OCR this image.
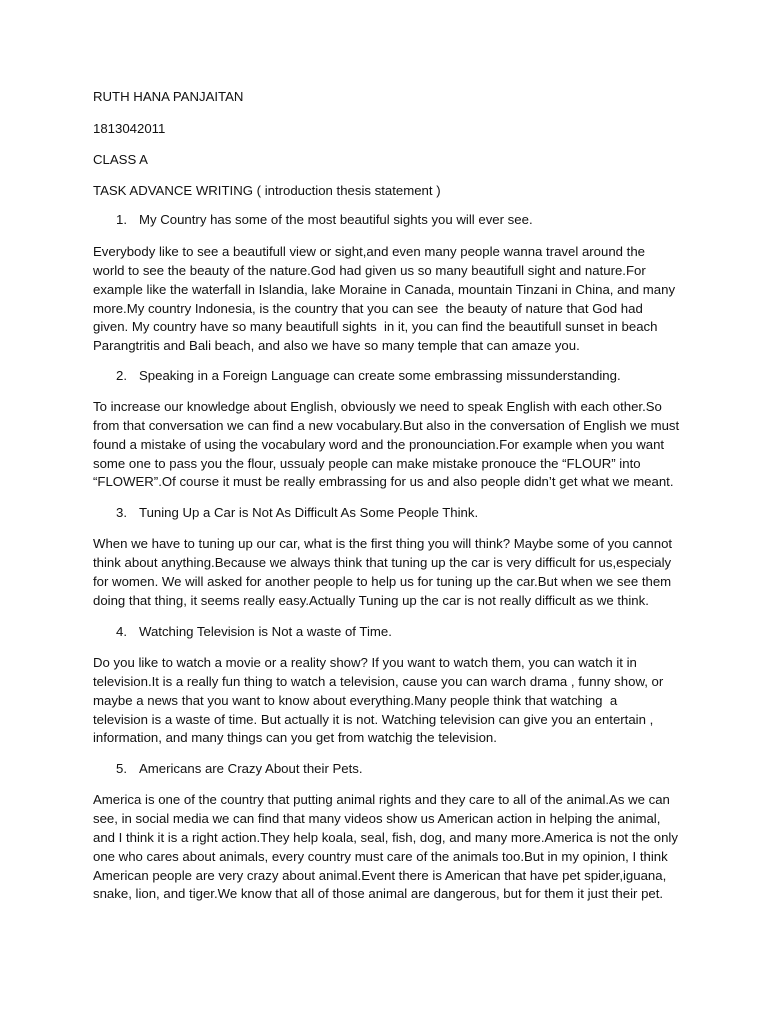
RUTH HANA PANJAITAN

1813042011

CLASS A

TASK ADVANCE WRITING ( introduction thesis statement )

1. My Country has some of the most beautiful sights you will ever see.

Everybody like to see a beautifull view or sight,and even many people wanna travel around the

world to see the beauty of the nature.God had given us so many beautifull sight and nature.For

example like the waterfall in Islandia, lake Moraine in Canada, mountain Tinzani in China, and many

more.My country Indonesia, is the country that you can see  the beauty of nature that God had

given. My country have so many beautifull sights  in it, you can find the beautifull sunset in beach

Parangtritis and Bali beach, and also we have so many temple that can amaze you.

2. Speaking in a Foreign Language can create some embrassing missunderstanding.

To increase our knowledge about English, obviously we need to speak English with each other.So

from that conversation we can find a new vocabulary.But also in the conversation of English we must

found a mistake of using the vocabulary word and the pronounciation.For example when you want

some one to pass you the flour, ussualy people can make mistake pronouce the “FLOUR” into

“FLOWER”.Of course it must be really embrassing for us and also people didn’t get what we meant.

3. Tuning Up a Car is Not As Difficult As Some People Think.

When we have to tuning up our car, what is the first thing you will think? Maybe some of you cannot

think about anything.Because we always think that tuning up the car is very difficult for us,especialy

for women. We will asked for another people to help us for tuning up the car.But when we see them

doing that thing, it seems really easy.Actually Tuning up the car is not really difficult as we think.

4. Watching Television is Not a waste of Time.

Do you like to watch a movie or a reality show? If you want to watch them, you can watch it in

television.It is a really fun thing to watch a television, cause you can warch drama , funny show, or

maybe a news that you want to know about everything.Many people think that watching  a

television is a waste of time. But actually it is not. Watching television can give you an entertain ,

information, and many things can you get from watchig the television.

5. Americans are Crazy About their Pets.

America is one of the country that putting animal rights and they care to all of the animal.As we can

see, in social media we can find that many videos show us American action in helping the animal,

and I think it is a right action.They help koala, seal, fish, dog, and many more.America is not the only

one who cares about animals, every country must care of the animals too.But in my opinion, I think

American people are very crazy about animal.Event there is American that have pet spider,iguana,

snake, lion, and tiger.We know that all of those animal are dangerous, but for them it just their pet.
